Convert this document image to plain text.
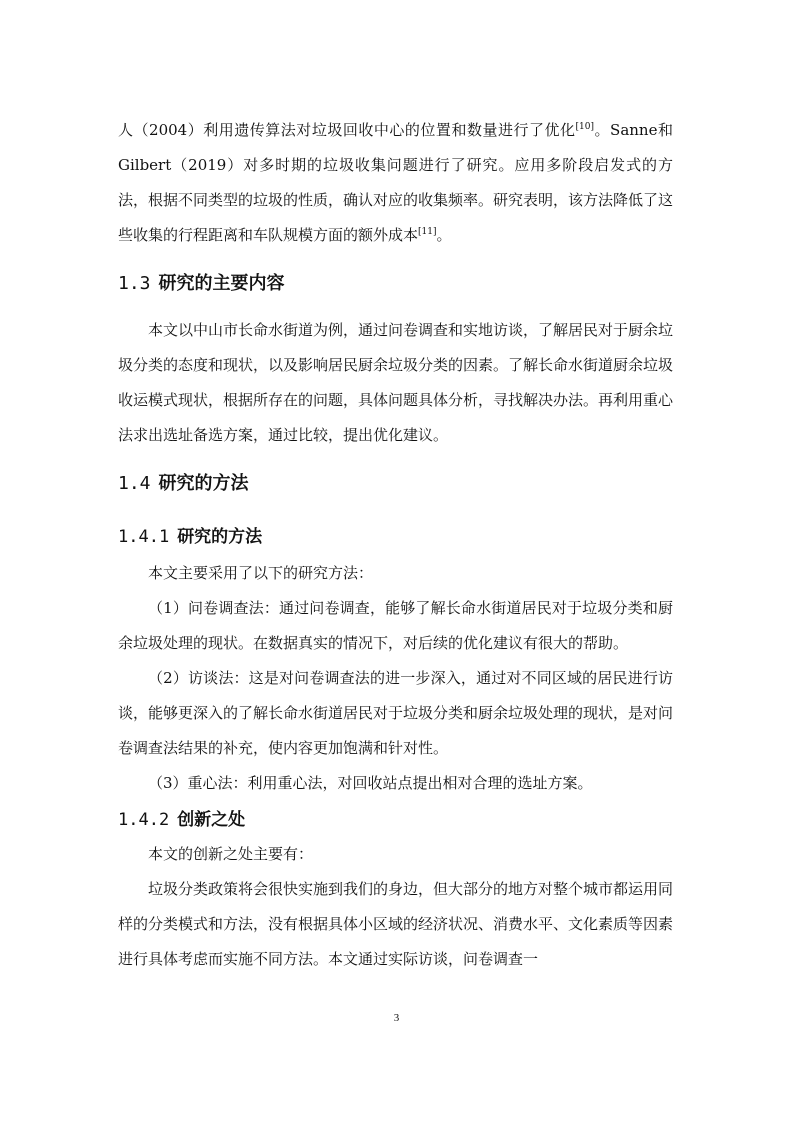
人（2004）利用遗传算法对垃圾回收中心的位置和数量进行了优化[10]。Sanne和Gilbert（2019）对多时期的垃圾收集问题进行了研究。应用多阶段启发式的方法，根据不同类型的垃圾的性质，确认对应的收集频率。研究表明，该方法降低了这些收集的行程距离和车队规模方面的额外成本[11]。

1.3 研究的主要内容

本文以中山市长命水街道为例，通过问卷调查和实地访谈，了解居民对于厨余垃圾分类的态度和现状，以及影响居民厨余垃圾分类的因素。了解长命水街道厨余垃圾收运模式现状，根据所存在的问题，具体问题具体分析，寻找解决办法。再利用重心法求出选址备选方案，通过比较，提出优化建议。

1.4 研究的方法
1.4.1 研究的方法

本文主要采用了以下的研究方法：

（1）问卷调查法：通过问卷调查，能够了解长命水街道居民对于垃圾分类和厨余垃圾处理的现状。在数据真实的情况下，对后续的优化建议有很大的帮助。

（2）访谈法：这是对问卷调查法的进一步深入，通过对不同区域的居民进行访谈，能够更深入的了解长命水街道居民对于垃圾分类和厨余垃圾处理的现状，是对问卷调查法结果的补充，使内容更加饱满和针对性。

（3）重心法：利用重心法，对回收站点提出相对合理的选址方案。

1.4.2 创新之处

本文的创新之处主要有：

垃圾分类政策将会很快实施到我们的身边，但大部分的地方对整个城市都运用同样的分类模式和方法，没有根据具体小区域的经济状况、消费水平、文化素质等因素进行具体考虑而实施不同方法。本文通过实际访谈，问卷调查一

3
